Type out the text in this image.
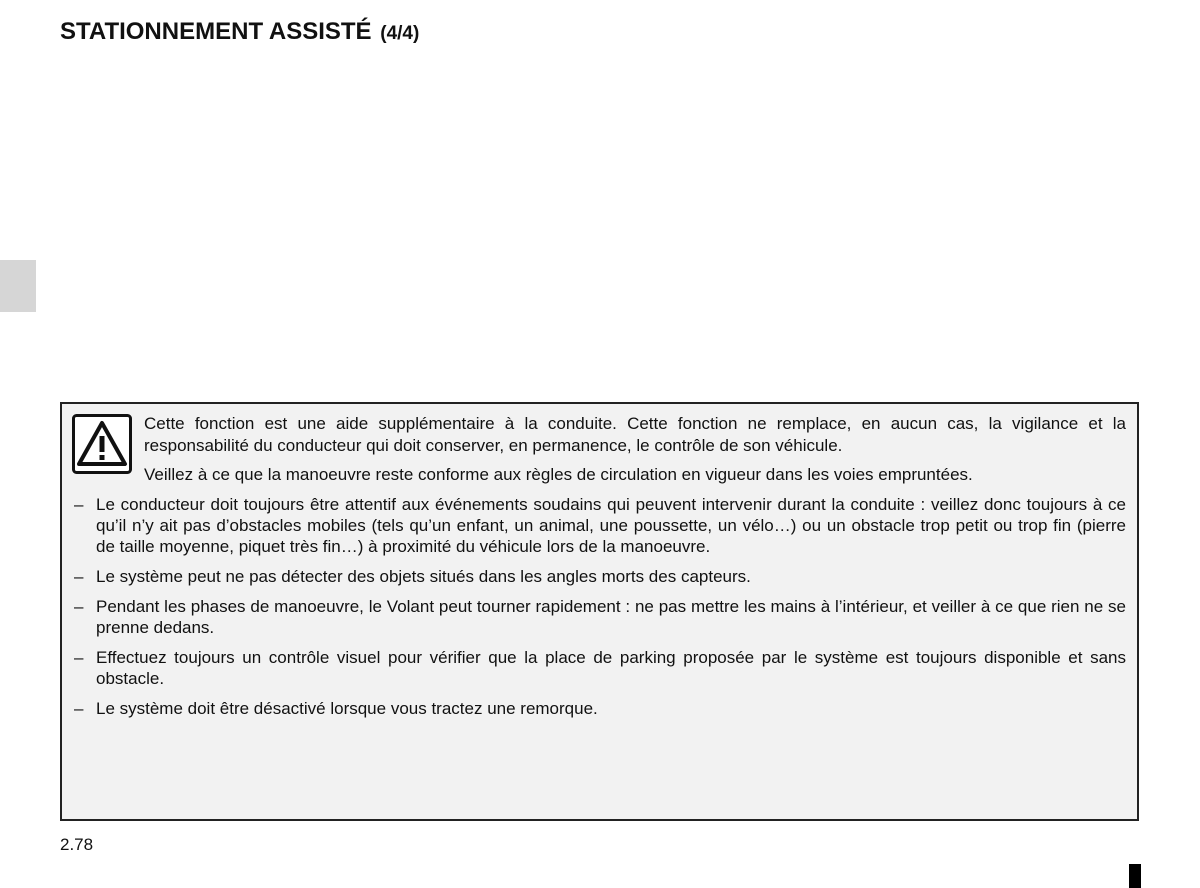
STATIONNEMENT ASSISTÉ (4/4)

Cette fonction est une aide supplémentaire à la conduite. Cette fonction ne remplace, en aucun cas, la vigilance et la responsabilité du conducteur qui doit conserver, en permanence, le contrôle de son véhicule.

Veillez à ce que la manoeuvre reste conforme aux règles de circulation en vigueur dans les voies empruntées.

– Le conducteur doit toujours être attentif aux événements soudains qui peuvent intervenir durant la conduite : veillez donc toujours à ce qu’il n’y ait pas d’obstacles mobiles (tels qu’un enfant, un animal, une poussette, un vélo…) ou un obstacle trop petit ou trop fin (pierre de taille moyenne, piquet très fin…) à proximité du véhicule lors de la manoeuvre.
– Le système peut ne pas détecter des objets situés dans les angles morts des capteurs.
– Pendant les phases de manoeuvre, le Volant peut tourner rapidement : ne pas mettre les mains à l’intérieur, et veiller à ce que rien ne se prenne dedans.
– Effectuez toujours un contrôle visuel pour vérifier que la place de parking proposée par le système est toujours disponible et sans obstacle.
– Le système doit être désactivé lorsque vous tractez une remorque.
2.78
